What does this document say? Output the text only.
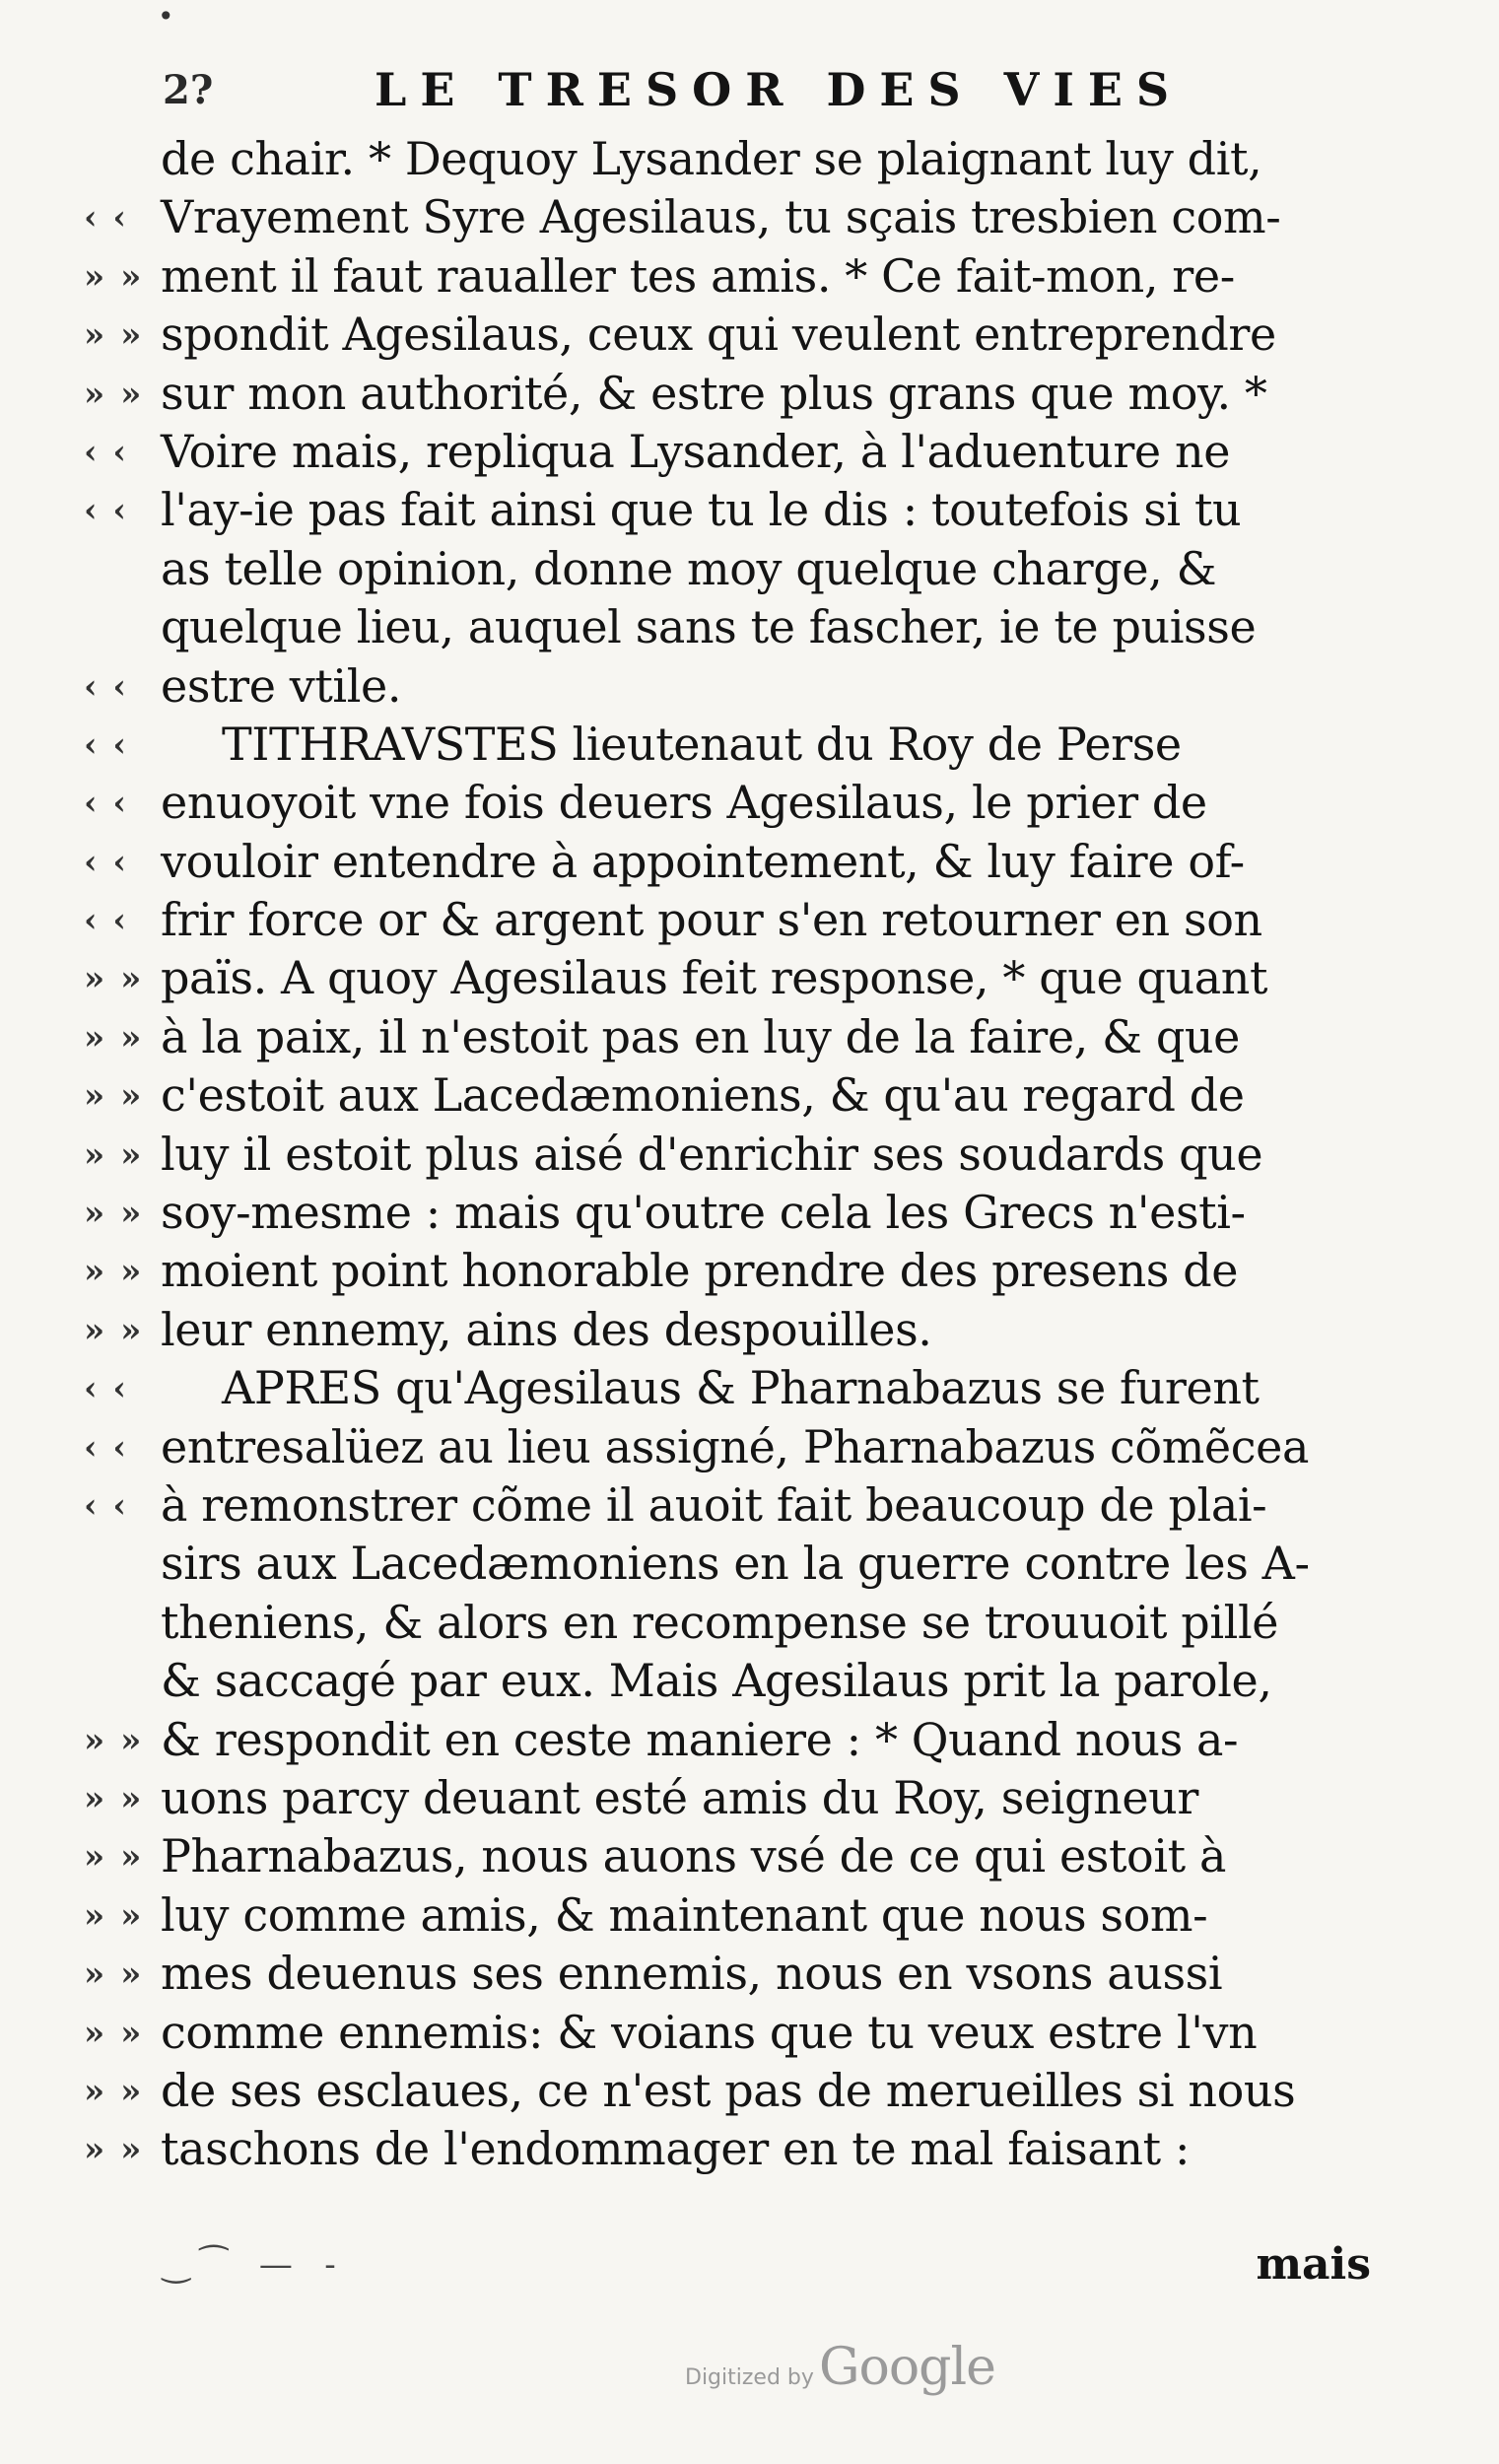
•
2?	LE TRESOR DES VIES
de chair. * Dequoy Lysander se plaignant luy dit,
‹ ‹ Vrayement Syre Agesilaus, tu sçais tresbien com-
» » ment il faut raualler tes amis. * Ce fait-mon, re-
» » spondit Agesilaus, ceux qui veulent entreprendre
» » sur mon authorité, & estre plus grans que moy. *
‹ ‹ Voire mais, repliqua Lysander, à l'aduenture ne
‹ ‹ l'ay-ie pas fait ainsi que tu le dis : toutefois si tu
as telle opinion, donne moy quelque charge, &
quelque lieu, auquel sans te fascher, ie te puisse
‹ ‹ estre vtile.
‹ ‹	TITHRAVSTES lieutenaut du Roy de Perse
‹ ‹ enuoyoit vne fois deuers Agesilaus, le prier de
‹ ‹ vouloir entendre à appointement, & luy faire of-
‹ ‹ frir force or & argent pour s'en retourner en son
» » païs. A quoy Agesilaus feit response, * que quant
» » à la paix, il n'estoit pas en luy de la faire, & que
» » c'estoit aux Lacedæmoniens, & qu'au regard de
» » luy il estoit plus aisé d'enrichir ses soudards que
» » soy-mesme : mais qu'outre cela les Grecs n'esti-
» » moient point honorable prendre des presens de
» » leur ennemy, ains des despouilles.
‹ ‹	APRES qu'Agesilaus & Pharnabazus se furent
‹ ‹ entresalüez au lieu assigné, Pharnabazus cõmẽcea
‹ ‹ à remonstrer cõme il auoit fait beaucoup de plai-
sirs aux Lacedæmoniens en la guerre contre les A-
theniens, & alors en recompense se trouuoit pillé
& saccagé par eux. Mais Agesilaus prit la parole,
» » & respondit en ceste maniere : * Quand nous a-
» » uons parcy deuant esté amis du Roy, seigneur
» » Pharnabazus, nous auons vsé de ce qui estoit à
» » luy comme amis, & maintenant que nous som-
» » mes deuenus ses ennemis, nous en vsons aussi
» » comme ennemis: & voians que tu veux estre l'vn
» » de ses esclaues, ce n'est pas de merueilles si nous
» » taschons de l'endommager en te mal faisant :
‿ ⁀   —   -	mais
Digitized by Google
